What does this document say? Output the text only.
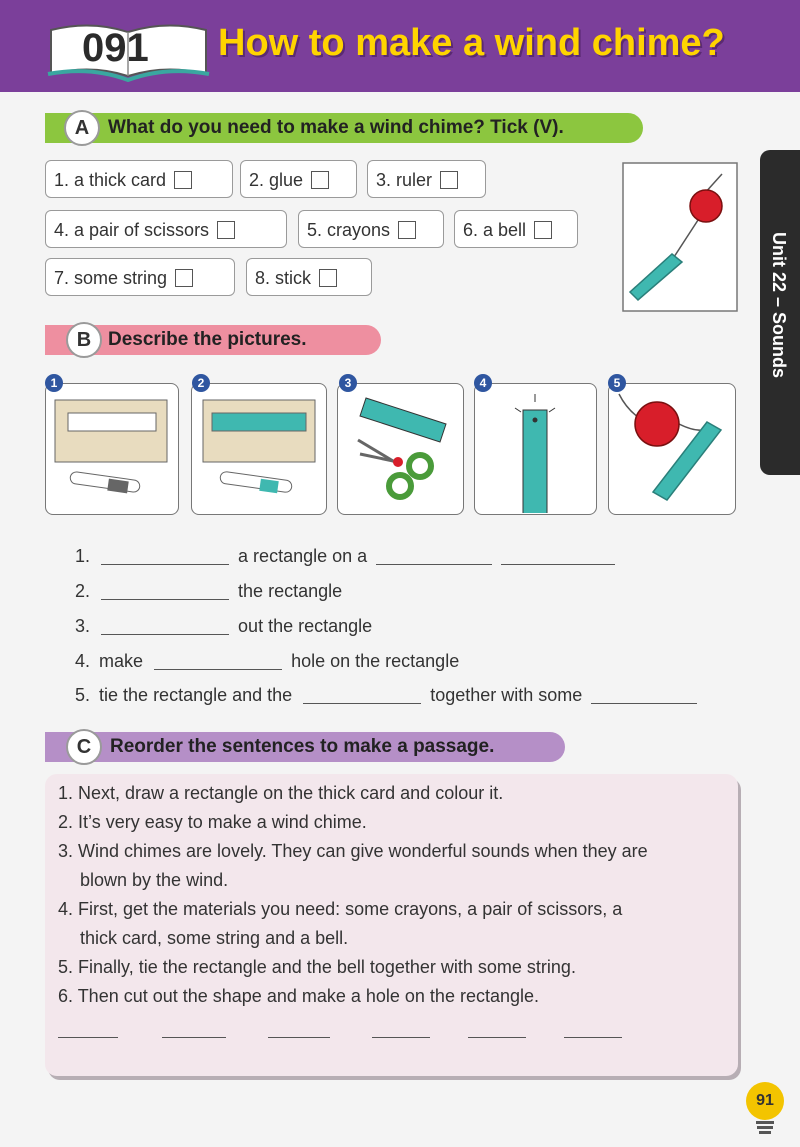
091 How to make a wind chime?
Unit 22 – Sounds
A What do you need to make a wind chime? Tick (V).
1. a thick card	2. glue	3. ruler
4. a pair of scissors	5. crayons	6. a bell
7. some string	8. stick
B Describe the pictures.
1	2	3	4	5
1.	a rectangle on a
2.	the rectangle
3.	out the rectangle
4. make	hole on the rectangle
5. tie the rectangle and the	together with some
C Reorder the sentences to make a passage.
1. Next, draw a rectangle on the thick card and colour it.
2. It’s very easy to make a wind chime.
3. Wind chimes are lovely. They can give wonderful sounds when they are
blown by the wind.
4. First, get the materials you need: some crayons, a pair of scissors, a
thick card, some string and a bell.
5. Finally, tie the rectangle and the bell together with some string.
6. Then cut out the shape and make a hole on the rectangle.
91
